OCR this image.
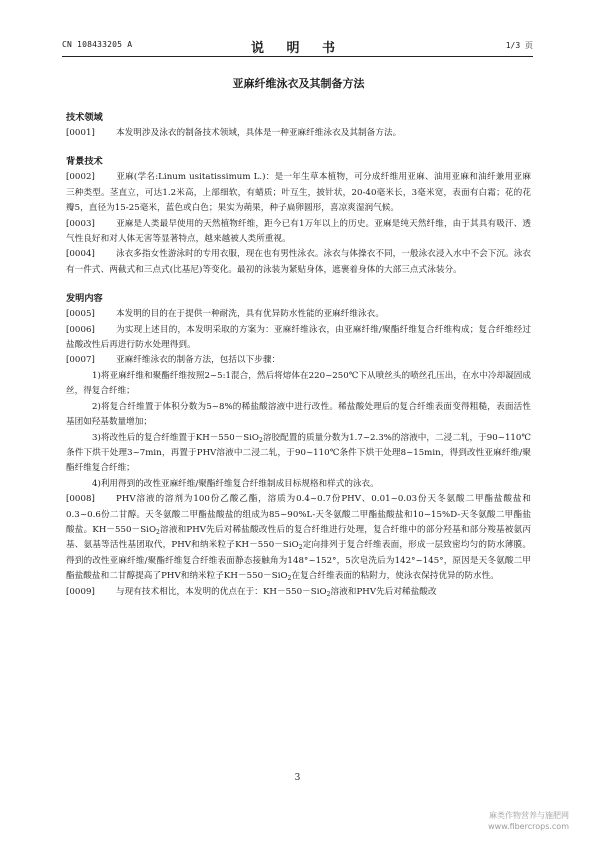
CN 108433205 A	说 明 书	1/3 页
亚麻纤维泳衣及其制备方法
技术领域

[0001] 本发明涉及泳衣的制备技术领域，具体是一种亚麻纤维泳衣及其制备方法。

背景技术

[0002] 亚麻(学名:Linum usitatissimum L.)：是一年生草本植物，可分成纤维用亚麻、油用亚麻和油纤兼用亚麻三种类型。茎直立，可达1.2米高，上部细软，有蜡质；叶互生，披针状，20-40毫米长，3毫米宽，表面有白霜；花的花瓣5，直径为15-25毫米，蓝色或白色；果实为蒴果，种子扁卵圆形，喜凉爽湿润气候。

[0003] 亚麻是人类最早使用的天然植物纤维，距今已有1万年以上的历史。亚麻是纯天然纤维，由于其具有吸汗、透气性良好和对人体无害等显著特点，越来越被人类所重视。

[0004] 泳衣多指女性游泳时的专用衣服，现在也有男性泳衣。泳衣与体操衣不同，一般泳衣浸入水中不会下沉。泳衣有一件式、两截式和三点式(比基尼)等变化。最初的泳装为紧贴身体，遮裹着身体的大部三点式泳装分。

发明内容

[0005] 本发明的目的在于提供一种耐洗，具有优异防水性能的亚麻纤维泳衣。

[0006] 为实现上述目的，本发明采取的方案为：亚麻纤维泳衣，由亚麻纤维/聚酯纤维复合纤维构成；复合纤维经过盐酸改性后再进行防水处理得到。

[0007] 亚麻纤维泳衣的制备方法，包括以下步骤：

1)将亚麻纤维和聚酯纤维按照2~5:1混合，然后将熔体在220~250℃下从喷丝头的喷丝孔压出，在水中冷却凝固成丝，得复合纤维；

2)将复合纤维置于体积分数为5~8%的稀盐酸溶液中进行改性。稀盐酸处理后的复合纤维表面变得粗糙，表面活性基团如羟基数量增加；

3)将改性后的复合纤维置于KH－550－SiO$_2$溶胶配置的质量分数为1.7~2.3%的溶液中，二浸二轧，于90~110℃条件下烘干处理3~7min，再置于PHV溶液中二浸二轧，于90~110℃条件下烘干处理8~15min，得到改性亚麻纤维/聚酯纤维复合纤维；

4)利用得到的改性亚麻纤维/聚酯纤维复合纤维制成目标规格和样式的泳衣。

[0008] PHV溶液的溶剂为100份乙酸乙酯，溶质为0.4~0.7份PHV、0.01~0.03份天冬氨酸二甲酯盐酸盐和0.3~0.6份二甘醇。天冬氨酸二甲酯盐酸盐的组成为85~90%L-天冬氨酸二甲酯盐酸盐和10~15%D-天冬氨酸二甲酯盐酸盐。KH－550－SiO$_2$溶液和PHV先后对稀盐酸改性后的复合纤维进行处理，复合纤维中的部分羟基和部分羧基被氨丙基、氨基等活性基团取代，PHV和纳米粒子KH－550－SiO$_2$定向排列于复合纤维表面，形成一层致密均匀的防水薄膜。得到的改性亚麻纤维/聚酯纤维复合纤维表面静态接触角为148°~152°，5次皂洗后为142°~145°，原因是天冬氨酸二甲酯盐酸盐和二甘醇提高了PHV和纳米粒子KH－550－SiO$_2$在复合纤维表面的粘附力，使泳衣保持优异的防水性。

[0009] 与现有技术相比，本发明的优点在于：KH－550－SiO$_2$溶液和PHV先后对稀盐酸改

3
麻类作物营养与施肥网
www.fibercrops.com
